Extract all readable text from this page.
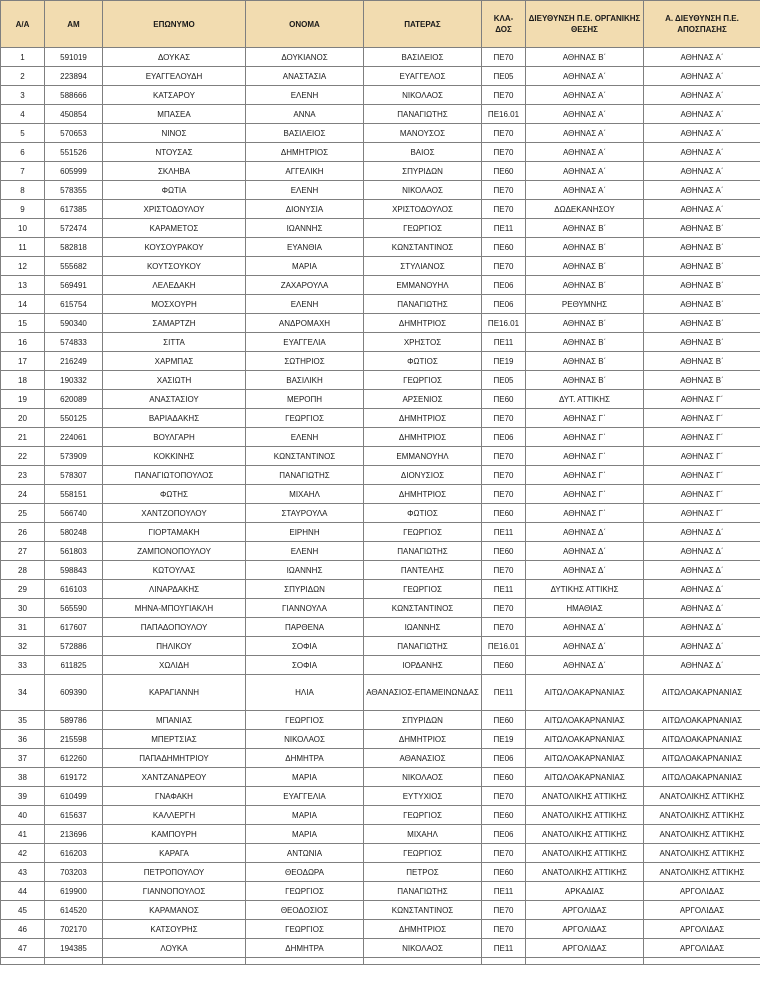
Α/Α	ΑΜ	ΕΠΩΝΥΜΟ	ΟΝΟΜΑ	ΠΑΤΕΡΑΣ	ΚΛΑ-ΔΟΣ	ΔΙΕΥΘΥΝΣΗ Π.Ε. ΟΡΓΑΝΙΚΗΣ ΘΕΣΗΣ	Α. ΔΙΕΥΘΥΝΣΗ Π.Ε. ΑΠΟΣΠΑΣΗΣ
1	591019	ΔΟΥΚΑΣ	ΔΟΥΚΙΑΝΟΣ	ΒΑΣΙΛΕΙΟΣ	ΠΕ70	ΑΘΗΝΑΣ Β΄	ΑΘΗΝΑΣ Α΄
2	223894	ΕΥΑΓΓΕΛΟΥΔΗ	ΑΝΑΣΤΑΣΙΑ	ΕΥΑΓΓΕΛΟΣ	ΠΕ05	ΑΘΗΝΑΣ Α΄	ΑΘΗΝΑΣ Α΄
3	588666	ΚΑΤΣΑΡΟΥ	ΕΛΕΝΗ	ΝΙΚΟΛΑΟΣ	ΠΕ70	ΑΘΗΝΑΣ Α΄	ΑΘΗΝΑΣ Α΄
4	450854	ΜΠΑΣΕΑ	ΑΝΝΑ	ΠΑΝΑΓΙΩΤΗΣ	ΠΕ16.01	ΑΘΗΝΑΣ Α΄	ΑΘΗΝΑΣ Α΄
5	570653	ΝΙΝΟΣ	ΒΑΣΙΛΕΙΟΣ	ΜΑΝΟΥΣΟΣ	ΠΕ70	ΑΘΗΝΑΣ Α΄	ΑΘΗΝΑΣ Α΄
6	551526	ΝΤΟΥΣΑΣ	ΔΗΜΗΤΡΙΟΣ	ΒΑΙΟΣ	ΠΕ70	ΑΘΗΝΑΣ Α΄	ΑΘΗΝΑΣ Α΄
7	605999	ΣΚΛΗΒΑ	ΑΓΓΕΛΙΚΗ	ΣΠΥΡΙΔΩΝ	ΠΕ60	ΑΘΗΝΑΣ Α΄	ΑΘΗΝΑΣ Α΄
8	578355	ΦΩΤΙΑ	ΕΛΕΝΗ	ΝΙΚΟΛΑΟΣ	ΠΕ70	ΑΘΗΝΑΣ Α΄	ΑΘΗΝΑΣ Α΄
9	617385	ΧΡΙΣΤΟΔΟΥΛΟΥ	ΔΙΟΝΥΣΙΑ	ΧΡΙΣΤΟΔΟΥΛΟΣ	ΠΕ70	ΔΩΔΕΚΑΝΗΣΟΥ	ΑΘΗΝΑΣ Α΄
10	572474	ΚΑΡΑΜΕΤΟΣ	ΙΩΑΝΝΗΣ	ΓΕΩΡΓΙΟΣ	ΠΕ11	ΑΘΗΝΑΣ Β΄	ΑΘΗΝΑΣ Β΄
11	582818	ΚΟΥΣΟΥΡΑΚΟΥ	ΕΥΑΝΘΙΑ	ΚΩΝΣΤΑΝΤΙΝΟΣ	ΠΕ60	ΑΘΗΝΑΣ Β΄	ΑΘΗΝΑΣ Β΄
12	555682	ΚΟΥΤΣΟΥΚΟΥ	ΜΑΡΙΑ	ΣΤΥΛΙΑΝΟΣ	ΠΕ70	ΑΘΗΝΑΣ Β΄	ΑΘΗΝΑΣ Β΄
13	569491	ΛΕΛΕΔΑΚΗ	ΖΑΧΑΡΟΥΛΑ	ΕΜΜΑΝΟΥΗΛ	ΠΕ06	ΑΘΗΝΑΣ Β΄	ΑΘΗΝΑΣ Β΄
14	615754	ΜΟΣΧΟΥΡΗ	ΕΛΕΝΗ	ΠΑΝΑΓΙΩΤΗΣ	ΠΕ06	ΡΕΘΥΜΝΗΣ	ΑΘΗΝΑΣ Β΄
15	590340	ΣΑΜΑΡΤΖΗ	ΑΝΔΡΟΜΑΧΗ	ΔΗΜΗΤΡΙΟΣ	ΠΕ16.01	ΑΘΗΝΑΣ Β΄	ΑΘΗΝΑΣ Β΄
16	574833	ΣΙΤΤΑ	ΕΥΑΓΓΕΛΙΑ	ΧΡΗΣΤΟΣ	ΠΕ11	ΑΘΗΝΑΣ Β΄	ΑΘΗΝΑΣ Β΄
17	216249	ΧΑΡΜΠΑΣ	ΣΩΤΗΡΙΟΣ	ΦΩΤΙΟΣ	ΠΕ19	ΑΘΗΝΑΣ Β΄	ΑΘΗΝΑΣ Β΄
18	190332	ΧΑΣΙΩΤΗ	ΒΑΣΙΛΙΚΗ	ΓΕΩΡΓΙΟΣ	ΠΕ05	ΑΘΗΝΑΣ Β΄	ΑΘΗΝΑΣ Β΄
19	620089	ΑΝΑΣΤΑΣΙΟΥ	ΜΕΡΟΠΗ	ΑΡΣΕΝΙΟΣ	ΠΕ60	ΔΥΤ. ΑΤΤΙΚΗΣ	ΑΘΗΝΑΣ Γ΄
20	550125	ΒΑΡΙΑΔΑΚΗΣ	ΓΕΩΡΓΙΟΣ	ΔΗΜΗΤΡΙΟΣ	ΠΕ70	ΑΘΗΝΑΣ Γ΄	ΑΘΗΝΑΣ Γ΄
21	224061	ΒΟΥΛΓΑΡΗ	ΕΛΕΝΗ	ΔΗΜΗΤΡΙΟΣ	ΠΕ06	ΑΘΗΝΑΣ Γ΄	ΑΘΗΝΑΣ Γ΄
22	573909	ΚΟΚΚΙΝΗΣ	ΚΩΝΣΤΑΝΤΙΝΟΣ	ΕΜΜΑΝΟΥΗΛ	ΠΕ70	ΑΘΗΝΑΣ Γ΄	ΑΘΗΝΑΣ Γ΄
23	578307	ΠΑΝΑΓΙΩΤΟΠΟΥΛΟΣ	ΠΑΝΑΓΙΩΤΗΣ	ΔΙΟΝΥΣΙΟΣ	ΠΕ70	ΑΘΗΝΑΣ Γ΄	ΑΘΗΝΑΣ Γ΄
24	558151	ΦΩΤΗΣ	ΜΙΧΑΗΛ	ΔΗΜΗΤΡΙΟΣ	ΠΕ70	ΑΘΗΝΑΣ Γ΄	ΑΘΗΝΑΣ Γ΄
25	566740	ΧΑΝΤΖΟΠΟΥΛΟΥ	ΣΤΑΥΡΟΥΛΑ	ΦΩΤΙΟΣ	ΠΕ60	ΑΘΗΝΑΣ Γ΄	ΑΘΗΝΑΣ Γ΄
26	580248	ΓΙΟΡΤΑΜΑΚΗ	ΕΙΡΗΝΗ	ΓΕΩΡΓΙΟΣ	ΠΕ11	ΑΘΗΝΑΣ Δ΄	ΑΘΗΝΑΣ Δ΄
27	561803	ΖΑΜΠΟΝΟΠΟΥΛΟΥ	ΕΛΕΝΗ	ΠΑΝΑΓΙΩΤΗΣ	ΠΕ60	ΑΘΗΝΑΣ Δ΄	ΑΘΗΝΑΣ Δ΄
28	598843	ΚΩΤΟΥΛΑΣ	ΙΩΑΝΝΗΣ	ΠΑΝΤΕΛΗΣ	ΠΕ70	ΑΘΗΝΑΣ Δ΄	ΑΘΗΝΑΣ Δ΄
29	616103	ΛΙΝΑΡΔΑΚΗΣ	ΣΠΥΡΙΔΩΝ	ΓΕΩΡΓΙΟΣ	ΠΕ11	ΔΥΤΙΚΗΣ ΑΤΤΙΚΗΣ	ΑΘΗΝΑΣ Δ΄
30	565590	ΜΗΝΑ-ΜΠΟΥΓΙΑΚΛΗ	ΓΙΑΝΝΟΥΛΑ	ΚΩΝΣΤΑΝΤΙΝΟΣ	ΠΕ70	ΗΜΑΘΙΑΣ	ΑΘΗΝΑΣ Δ΄
31	617607	ΠΑΠΑΔΟΠΟΥΛΟΥ	ΠΑΡΘΕΝΑ	ΙΩΑΝΝΗΣ	ΠΕ70	ΑΘΗΝΑΣ Δ΄	ΑΘΗΝΑΣ Δ΄
32	572886	ΠΗΛΙΚΟΥ	ΣΟΦΙΑ	ΠΑΝΑΓΙΩΤΗΣ	ΠΕ16.01	ΑΘΗΝΑΣ Δ΄	ΑΘΗΝΑΣ Δ΄
33	611825	ΧΩΛΙΔΗ	ΣΟΦΙΑ	ΙΟΡΔΑΝΗΣ	ΠΕ60	ΑΘΗΝΑΣ Δ΄	ΑΘΗΝΑΣ Δ΄
34	609390	ΚΑΡΑΓΙΑΝΝΗ	ΗΛΙΑ	ΑΘΑΝΑΣΙΟΣ-ΕΠΑΜΕΙΝΩΝΔΑΣ	ΠΕ11	ΑΙΤΩΛΟΑΚΑΡΝΑΝΙΑΣ	ΑΙΤΩΛΟΑΚΑΡΝΑΝΙΑΣ
35	589786	ΜΠΑΝΙΑΣ	ΓΕΩΡΓΙΟΣ	ΣΠΥΡΙΔΩΝ	ΠΕ60	ΑΙΤΩΛΟΑΚΑΡΝΑΝΙΑΣ	ΑΙΤΩΛΟΑΚΑΡΝΑΝΙΑΣ
36	215598	ΜΠΕΡΤΣΙΑΣ	ΝΙΚΟΛΑΟΣ	ΔΗΜΗΤΡΙΟΣ	ΠΕ19	ΑΙΤΩΛΟΑΚΑΡΝΑΝΙΑΣ	ΑΙΤΩΛΟΑΚΑΡΝΑΝΙΑΣ
37	612260	ΠΑΠΑΔΗΜΗΤΡΙΟΥ	ΔΗΜΗΤΡΑ	ΑΘΑΝΑΣΙΟΣ	ΠΕ06	ΑΙΤΩΛΟΑΚΑΡΝΑΝΙΑΣ	ΑΙΤΩΛΟΑΚΑΡΝΑΝΙΑΣ
38	619172	ΧΑΝΤΖΑΝΔΡΕΟΥ	ΜΑΡΙΑ	ΝΙΚΟΛΑΟΣ	ΠΕ60	ΑΙΤΩΛΟΑΚΑΡΝΑΝΙΑΣ	ΑΙΤΩΛΟΑΚΑΡΝΑΝΙΑΣ
39	610499	ΓΝΑΦΑΚΗ	ΕΥΑΓΓΕΛΙΑ	ΕΥΤΥΧΙΟΣ	ΠΕ70	ΑΝΑΤΟΛΙΚΗΣ ΑΤΤΙΚΗΣ	ΑΝΑΤΟΛΙΚΗΣ ΑΤΤΙΚΗΣ
40	615637	ΚΑΛΛΕΡΓΗ	ΜΑΡΙΑ	ΓΕΩΡΓΙΟΣ	ΠΕ60	ΑΝΑΤΟΛΙΚΗΣ ΑΤΤΙΚΗΣ	ΑΝΑΤΟΛΙΚΗΣ ΑΤΤΙΚΗΣ
41	213696	ΚΑΜΠΟΥΡΗ	ΜΑΡΙΑ	ΜΙΧΑΗΛ	ΠΕ06	ΑΝΑΤΟΛΙΚΗΣ ΑΤΤΙΚΗΣ	ΑΝΑΤΟΛΙΚΗΣ ΑΤΤΙΚΗΣ
42	616203	ΚΑΡΑΓΑ	ΑΝΤΩΝΙΑ	ΓΕΩΡΓΙΟΣ	ΠΕ70	ΑΝΑΤΟΛΙΚΗΣ ΑΤΤΙΚΗΣ	ΑΝΑΤΟΛΙΚΗΣ ΑΤΤΙΚΗΣ
43	703203	ΠΕΤΡΟΠΟΥΛΟΥ	ΘΕΟΔΩΡΑ	ΠΕΤΡΟΣ	ΠΕ60	ΑΝΑΤΟΛΙΚΗΣ ΑΤΤΙΚΗΣ	ΑΝΑΤΟΛΙΚΗΣ ΑΤΤΙΚΗΣ
44	619900	ΓΙΑΝΝΟΠΟΥΛΟΣ	ΓΕΩΡΓΙΟΣ	ΠΑΝΑΓΙΩΤΗΣ	ΠΕ11	ΑΡΚΑΔΙΑΣ	ΑΡΓΟΛΙΔΑΣ
45	614520	ΚΑΡΑΜΑΝΟΣ	ΘΕΟΔΟΣΙΟΣ	ΚΩΝΣΤΑΝΤΙΝΟΣ	ΠΕ70	ΑΡΓΟΛΙΔΑΣ	ΑΡΓΟΛΙΔΑΣ
46	702170	ΚΑΤΣΟΥΡΗΣ	ΓΕΩΡΓΙΟΣ	ΔΗΜΗΤΡΙΟΣ	ΠΕ70	ΑΡΓΟΛΙΔΑΣ	ΑΡΓΟΛΙΔΑΣ
47	194385	ΛΟΥΚΑ	ΔΗΜΗΤΡΑ	ΝΙΚΟΛΑΟΣ	ΠΕ11	ΑΡΓΟΛΙΔΑΣ	ΑΡΓΟΛΙΔΑΣ
